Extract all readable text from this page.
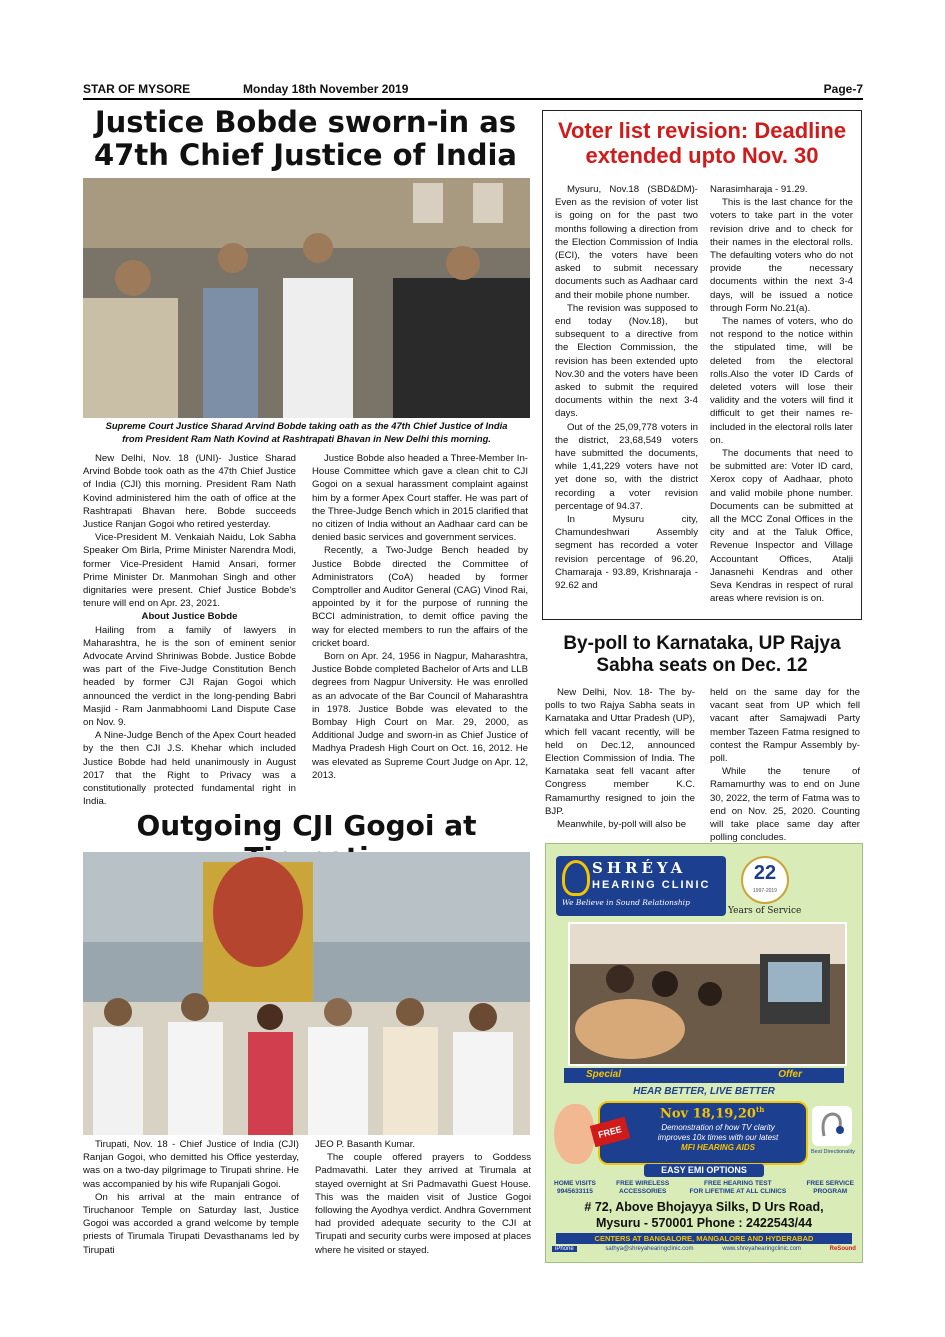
STAR OF MYSORE	Monday 18th November 2019	Page-7
Justice Bobde sworn-in as
47th Chief Justice of India
Supreme Court Justice Sharad Arvind Bobde taking oath as the 47th Chief Justice of India
from President Ram Nath Kovind at Rashtrapati Bhavan in New Delhi this morning.

New Delhi, Nov. 18 (UNI)- Justice Sharad Arvind Bobde took oath as the 47th Chief Justice of India (CJI) this morning. President Ram Nath Kovind administered him the oath of office at the Rashtrapati Bhavan here. Bobde succeeds Justice Ranjan Gogoi who retired yesterday.

Vice-President M. Venkaiah Naidu, Lok Sabha Speaker Om Birla, Prime Minister Narendra Modi, former Vice-President Hamid Ansari, former Prime Minister Dr. Manmohan Singh and other dignitaries were present. Chief Justice Bobde's tenure will end on Apr. 23, 2021.

About Justice Bobde

Hailing from a family of lawyers in Maharashtra, he is the son of eminent senior Advocate Arvind Shriniwas Bobde. Justice Bobde was part of the Five-Judge Constitution Bench headed by former CJI Rajan Gogoi which announced the verdict in the long-pending Babri Masjid - Ram Janmabhoomi Land Dispute Case on Nov. 9.

A Nine-Judge Bench of the Apex Court headed by the then CJI J.S. Khehar which included Justice Bobde had held unanimously in August 2017 that the Right to Privacy was a constitutionally protected fundamental right in India.

Justice Bobde also headed a Three-Member In-House Committee which gave a clean chit to CJI Gogoi on a sexual harassment complaint against him by a former Apex Court staffer. He was part of the Three-Judge Bench which in 2015 clarified that no citizen of India without an Aadhaar card can be denied basic services and government services.

Recently, a Two-Judge Bench headed by Justice Bobde directed the Committee of Administrators (CoA) headed by former Comptroller and Auditor General (CAG) Vinod Rai, appointed by it for the purpose of running the BCCI administration, to demit office paving the way for elected members to run the affairs of the cricket board.

Born on Apr. 24, 1956 in Nagpur, Maharashtra, Justice Bobde completed Bachelor of Arts and LLB degrees from Nagpur University. He was enrolled as an advocate of the Bar Council of Maharashtra in 1978. Justice Bobde was elevated to the Bombay High Court on Mar. 29, 2000, as Additional Judge and sworn-in as Chief Justice of Madhya Pradesh High Court on Oct. 16, 2012. He was elevated as Supreme Court Judge on Apr. 12, 2013.

Voter list revision: Deadline
extended upto Nov. 30

Mysuru, Nov.18 (SBD&DM)- Even as the revision of voter list is going on for the past two months following a direction from the Election Commission of India (ECI), the voters have been asked to submit necessary documents such as Aadhaar card and their mobile phone number.

The revision was supposed to end today (Nov.18), but subsequent to a directive from the Election Commission, the revision has been extended upto Nov.30 and the voters have been asked to submit the required documents within the next 3-4 days.

Out of the 25,09,778 voters in the district, 23,68,549 voters have submitted the documents, while 1,41,229 voters have not yet done so, with the district recording a voter revision percentage of 94.37.

In Mysuru city, Chamundeshwari Assembly segment has recorded a voter revision percentage of 96.20, Chamaraja - 93.89, Krishnaraja - 92.62 and

Narasimharaja - 91.29.

This is the last chance for the voters to take part in the voter revision drive and to check for their names in the electoral rolls. The defaulting voters who do not provide the necessary documents within the next 3-4 days, will be issued a notice through Form No.21(a).

The names of voters, who do not respond to the notice within the stipulated time, will be deleted from the electoral rolls.Also the voter ID Cards of deleted voters will lose their validity and the voters will find it difficult to get their names re-included in the electoral rolls later on.

The documents that need to be submitted are: Voter ID card, Xerox copy of Aadhaar, photo and valid mobile phone number. Documents can be submitted at all the MCC Zonal Offices in the city and at the Taluk Office, Revenue Inspector and Village Accountant Offices, Atalji Janasnehi Kendras and other Seva Kendras in respect of rural areas where revision is on.

By-poll to Karnataka, UP Rajya
Sabha seats on Dec. 12

New Delhi, Nov. 18- The by-polls to two Rajya Sabha seats in Karnataka and Uttar Pradesh (UP), which fell vacant recently, will be held on Dec.12, announced Election Commission of India. The Karnataka seat fell vacant after Congress member K.C. Ramamurthy resigned to join the BJP.

Meanwhile, by-poll will also be

held on the same day for the vacant seat from UP which fell vacant after Samajwadi Party member Tazeen Fatma resigned to contest the Rampur Assembly by-poll.

While the tenure of Ramamurthy was to end on June 30, 2022, the term of Fatma was to end on Nov. 25, 2020. Counting will take place same day after polling concludes.

Outgoing CJI Gogoi at

Tirupati, Nov. 18 - Chief Justice of India (CJI) Ranjan Gogoi, who demitted his Office yesterday, was on a two-day pilgrimage to Tirupati shrine. He was accompanied by his wife Rupanjali Gogoi.

On his arrival at the main entrance of Tiruchanoor Temple on Saturday last, Justice Gogoi was accorded a grand welcome by temple priests of Tirumala Tirupati Devasthanams led by Tirupati

JEO P. Basanth Kumar.

The couple offered prayers to Goddess Padmavathi. Later they arrived at Tirumala at stayed overnight at Sri Padmavathi Guest House. This was the maiden visit of Justice Gogoi following the Ayodhya verdict. Andhra Government had provided adequate security to the CJI at Tirupati and security curbs were imposed at places where he visited or stayed.

SHRÉYA
HEARING CLINIC
We Believe in Sound Relationship
22
1997-2019
Years of Service
Special	Offer
HEAR BETTER, LIVE BETTER
FREE
Nov 18,19,20th
Demonstration of how TV clarity
improves 10x times with our latest
MFI HEARING AIDS	Best Directionality
EASY EMI OPTIONS
HOME VISITS
9945633115
FREE WIRELESS
ACCESSORIES
FREE HEARING TEST
FOR LIFETIME AT ALL CLINICS
FREE SERVICE
PROGRAM
# 72, Above Bhojayya Silks, D Urs Road,
Mysuru - 570001 Phone : 2422543/44
CENTERS AT BANGALORE, MANGALORE AND HYDERABAD
iPhone	sathya@shreyahearingclinic.com	www.shreyahearingclinic.com	ReSound
